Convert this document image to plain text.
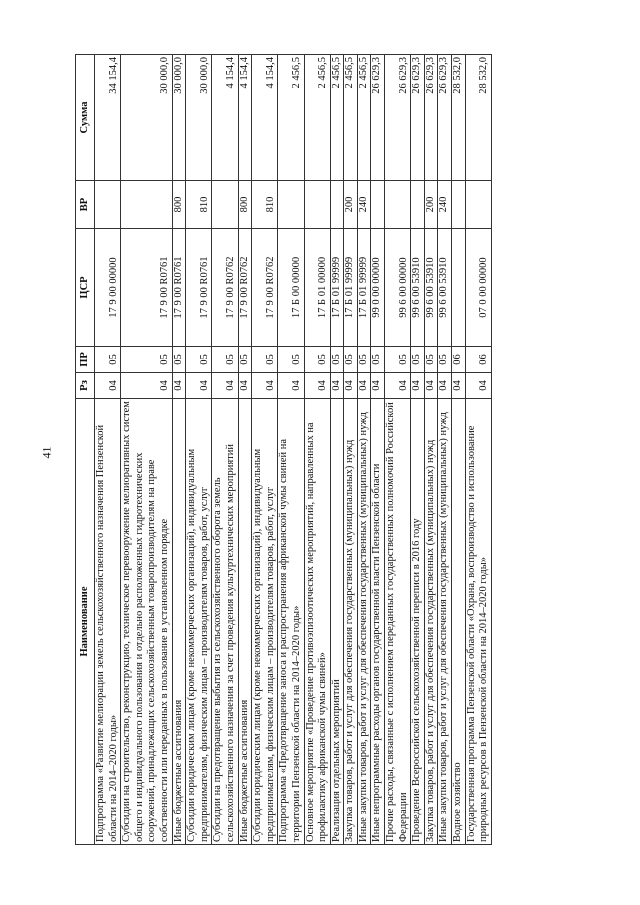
41
Наименование	Рз	ПР	ЦСР	ВР	Сумма
Подпрограмма «Развитие мелиорации земель сельскохозяйственного назначения Пензенской области на 2014–2020 годы»	04	05	17 9 00 00000		34 154,4
Субсидии на строительство, реконструкцию, техническое перевооружение мелиоративных систем общего и индивидуального пользования и отдельно расположенных гидротехнических сооружений, принадлежащих сельскохозяйственным товаропроизводителям на праве собственности или переданных в пользование в установленном порядке	04	05	17 9 00 R0761		30 000,0
Иные бюджетные ассигнования	04	05	17 9 00 R0761	800	30 000,0
Субсидии юридическим лицам (кроме некоммерческих организаций), индивидуальным предпринимателям, физическим лицам – производителям товаров, работ, услуг	04	05	17 9 00 R0761	810	30 000,0
Субсидии на предотвращение выбытия из сельскохозяйственного оборота земель сельскохозяйственного назначения за счет проведения культуртехнических мероприятий	04	05	17 9 00 R0762		4 154,4
Иные бюджетные ассигнования	04	05	17 9 00 R0762	800	4 154,4
Субсидии юридическим лицам (кроме некоммерческих организаций), индивидуальным предпринимателям, физическим лицам – производителям товаров, работ, услуг	04	05	17 9 00 R0762	810	4 154,4
Подпрограмма «Предотвращение заноса и распространения африканской чумы свиней на территории Пензенской области на 2014–2020 годы»	04	05	17 Б 00 00000		2 456,5
Основное мероприятие «Проведение противоэпизоотических мероприятий, направленных на профилактику африканской чумы свиней»	04	05	17 Б 01 00000		2 456,5
Реализация отдельных мероприятий	04	05	17 Б 01 99999		2 456,5
Закупка товаров, работ и услуг для обеспечения государственных (муниципальных) нужд	04	05	17 Б 01 99999	200	2 456,5
Иные закупки товаров, работ и услуг для обеспечения государственных (муниципальных) нужд	04	05	17 Б 01 99999	240	2 456,5
Иные непрограммные расходы органов государственной власти Пензенской области	04	05	99 0 00 00000		26 629,3
Прочие расходы, связанные с исполнением переданных государственных полномочий Российской Федерации	04	05	99 6 00 00000		26 629,3
Проведение Всероссийской сельскохозяйственной переписи в 2016 году	04	05	99 6 00 53910		26 629,3
Закупка товаров, работ и услуг для обеспечения государственных (муниципальных) нужд	04	05	99 6 00 53910	200	26 629,3
Иные закупки товаров, работ и услуг для обеспечения государственных (муниципальных) нужд	04	05	99 6 00 53910	240	26 629,3
Водное хозяйство	04	06			28 532,0
Государственная программа Пензенской области «Охрана, воспроизводство и использование природных ресурсов в Пензенской области на 2014–2020 годы»	04	06	07 0 00 00000		28 532,0
